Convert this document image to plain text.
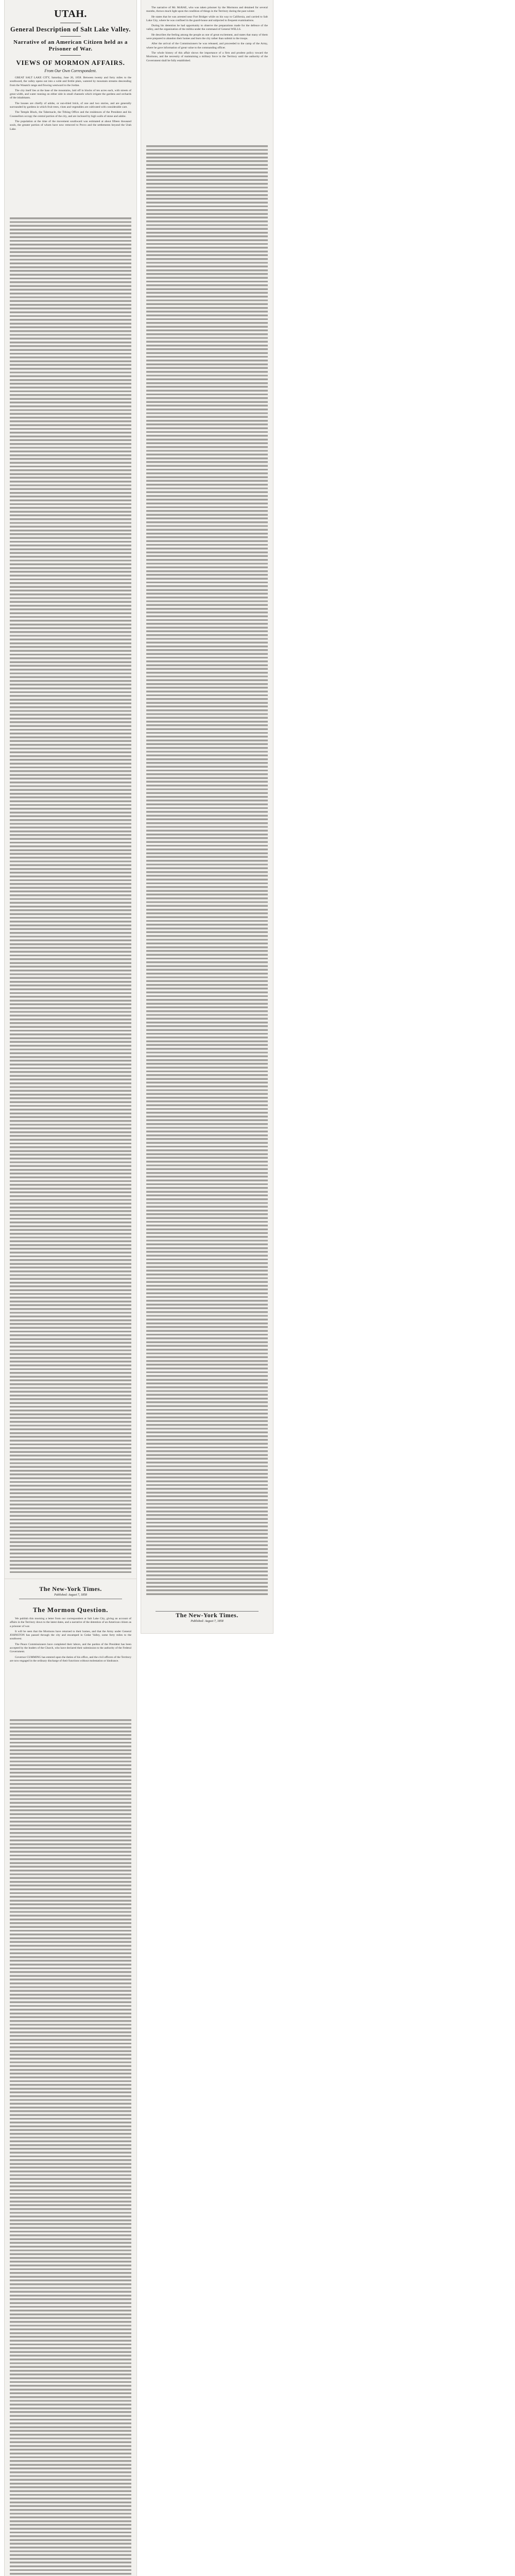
UTAH.
General Description of Salt Lake Valley.
Narrative of an American Citizen held as a Prisoner of War.
VIEWS OF MORMON AFFAIRS.
From Our Own Correspondent.

GREAT SALT LAKE CITY, Saturday, June 26, 1858. Between twenty and forty miles to the southward, the valley opens out into a wide and fertile plain, watered by mountain streams descending from the Wasatch range and flowing westward to the Jordan.

The city itself lies at the base of the mountains, laid off in blocks of ten acres each, with streets of great width, and water running on either side in small channels which irrigate the gardens and orchards of the inhabitants.

The houses are chiefly of adobe, or sun-dried brick, of one and two stories, and are generally surrounded by gardens in which fruit trees, vines and vegetables are cultivated with considerable care.

The Temple Block, the Tabernacle, the Tithing Office and the residences of the President and his Counsellors occupy the central portion of the city, and are inclosed by high walls of stone and adobe.

The population at the time of the movement southward was estimated at about fifteen thousand souls, the greater portion of whom have now removed to Provo and the settlements beyond the Utah Lake.

The New-York Times.
Published: August 7, 1858
The Mormon Question.

We publish this morning a letter from our correspondent at Salt Lake City, giving an account of affairs in the Territory down to the latest dates, and a narrative of the detention of an American citizen as a prisoner of war.

It will be seen that the Mormons have returned to their homes, and that the Army under General JOHNSTON has passed through the city and encamped in Cedar Valley, some forty miles to the southwest.

The Peace Commissioners have completed their labors, and the pardon of the President has been accepted by the leaders of the Church, who have declared their submission to the authority of the Federal Government.

Governor CUMMING has entered upon the duties of his office, and the civil officers of the Territory are now engaged in the ordinary discharge of their functions without molestation or hindrance.

The narrative of Mr. McRAE, who was taken prisoner by the Mormons and detained for several months, throws much light upon the condition of things in the Territory during the past winter.

He states that he was arrested near Fort Bridger while on his way to California, and carried to Salt Lake City, where he was confined in the guard-house and subjected to frequent examinations.

During his detention he had opportunity to observe the preparations made for the defence of the valley, and the organization of the militia under the command of General WELLS.

He describes the feeling among the people as one of great excitement, and states that many of them were prepared to abandon their homes and burn the city rather than submit to the troops.

After the arrival of the Commissioners he was released, and proceeded to the camp of the Army, where he gave information of great value to the commanding officer.

The whole history of this affair shows the importance of a firm and prudent policy toward the Mormons, and the necessity of maintaining a military force in the Territory until the authority of the Government shall be fully established.

The New-York Times.
Published: August 7, 1858
